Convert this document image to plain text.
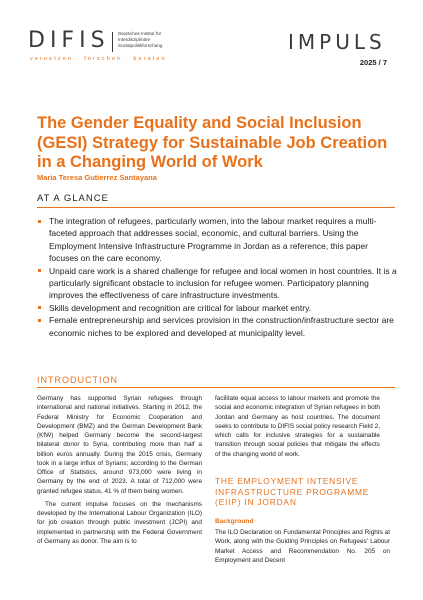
DIFIS Deutsches Institut für
Interdisziplinäre
Sozialpolitikforschung
vernetzen · forschen · beraten
IMPULS
2025 / 7
The Gender Equality and Social Inclusion (GESI) Strategy for Sustainable Job Creation in a Changing World of Work
Maria Teresa Gutierrez Santayana
AT A GLANCE
The integration of refugees, particularly women, into the labour market requires a multi-faceted approach that addresses social, economic, and cultural barriers. Using the Employment Intensive Infrastructure Programme in Jordan as a reference, this paper focuses on the care economy.
Unpaid care work is a shared challenge for refugee and local women in host countries. It is a particularly significant obstacle to inclusion for refugee women. Participatory planning improves the effectiveness of care infrastructure investments.
Skills development and recognition are critical for labour market entry.
Female entrepreneurship and services provision in the construction/infrastructure sector are economic niches to be explored and developed at municipality level.
INTRODUCTION

Germany has supported Syrian refugees through international and national initiatives. Starting in 2012, the Federal Ministry for Economic Cooperation and Development (BMZ) and the German Development Bank (KfW) helped Germany become the second-largest bilateral donor to Syria, contributing more than half a billion euros annually. During the 2015 crisis, Germany took in a large influx of Syrians; according to the German Office of Statistics, around 973,000 were living in Germany by the end of 2023. A total of 712,000 were granted refugee status, 41 % of them being women.

The current impulse focuses on the mechanisms developed by the International Labour Organization (ILO) for job creation through public investment (JCPI) and implemented in partnership with the Federal Government of Germany as donor. The aim is to

facilitate equal access to labour markets and promote the social and economic integration of Syrian refugees in both Jordan and Germany as host countries. The document seeks to contribute to DIFIS social policy research Field 2, which calls for inclusive strategies for a sustainable transition through social policies that mitigate the effects of the changing world of work.

THE EMPLOYMENT INTENSIVE INFRASTRUCTURE PROGRAMME (EIIP) IN JORDAN
Background
The ILO Declaration on Fundamental Principles and Rights at Work, along with the Guiding Principles on Refugees' Labour Market Access and Recommendation No. 205 on Employment and Decent
